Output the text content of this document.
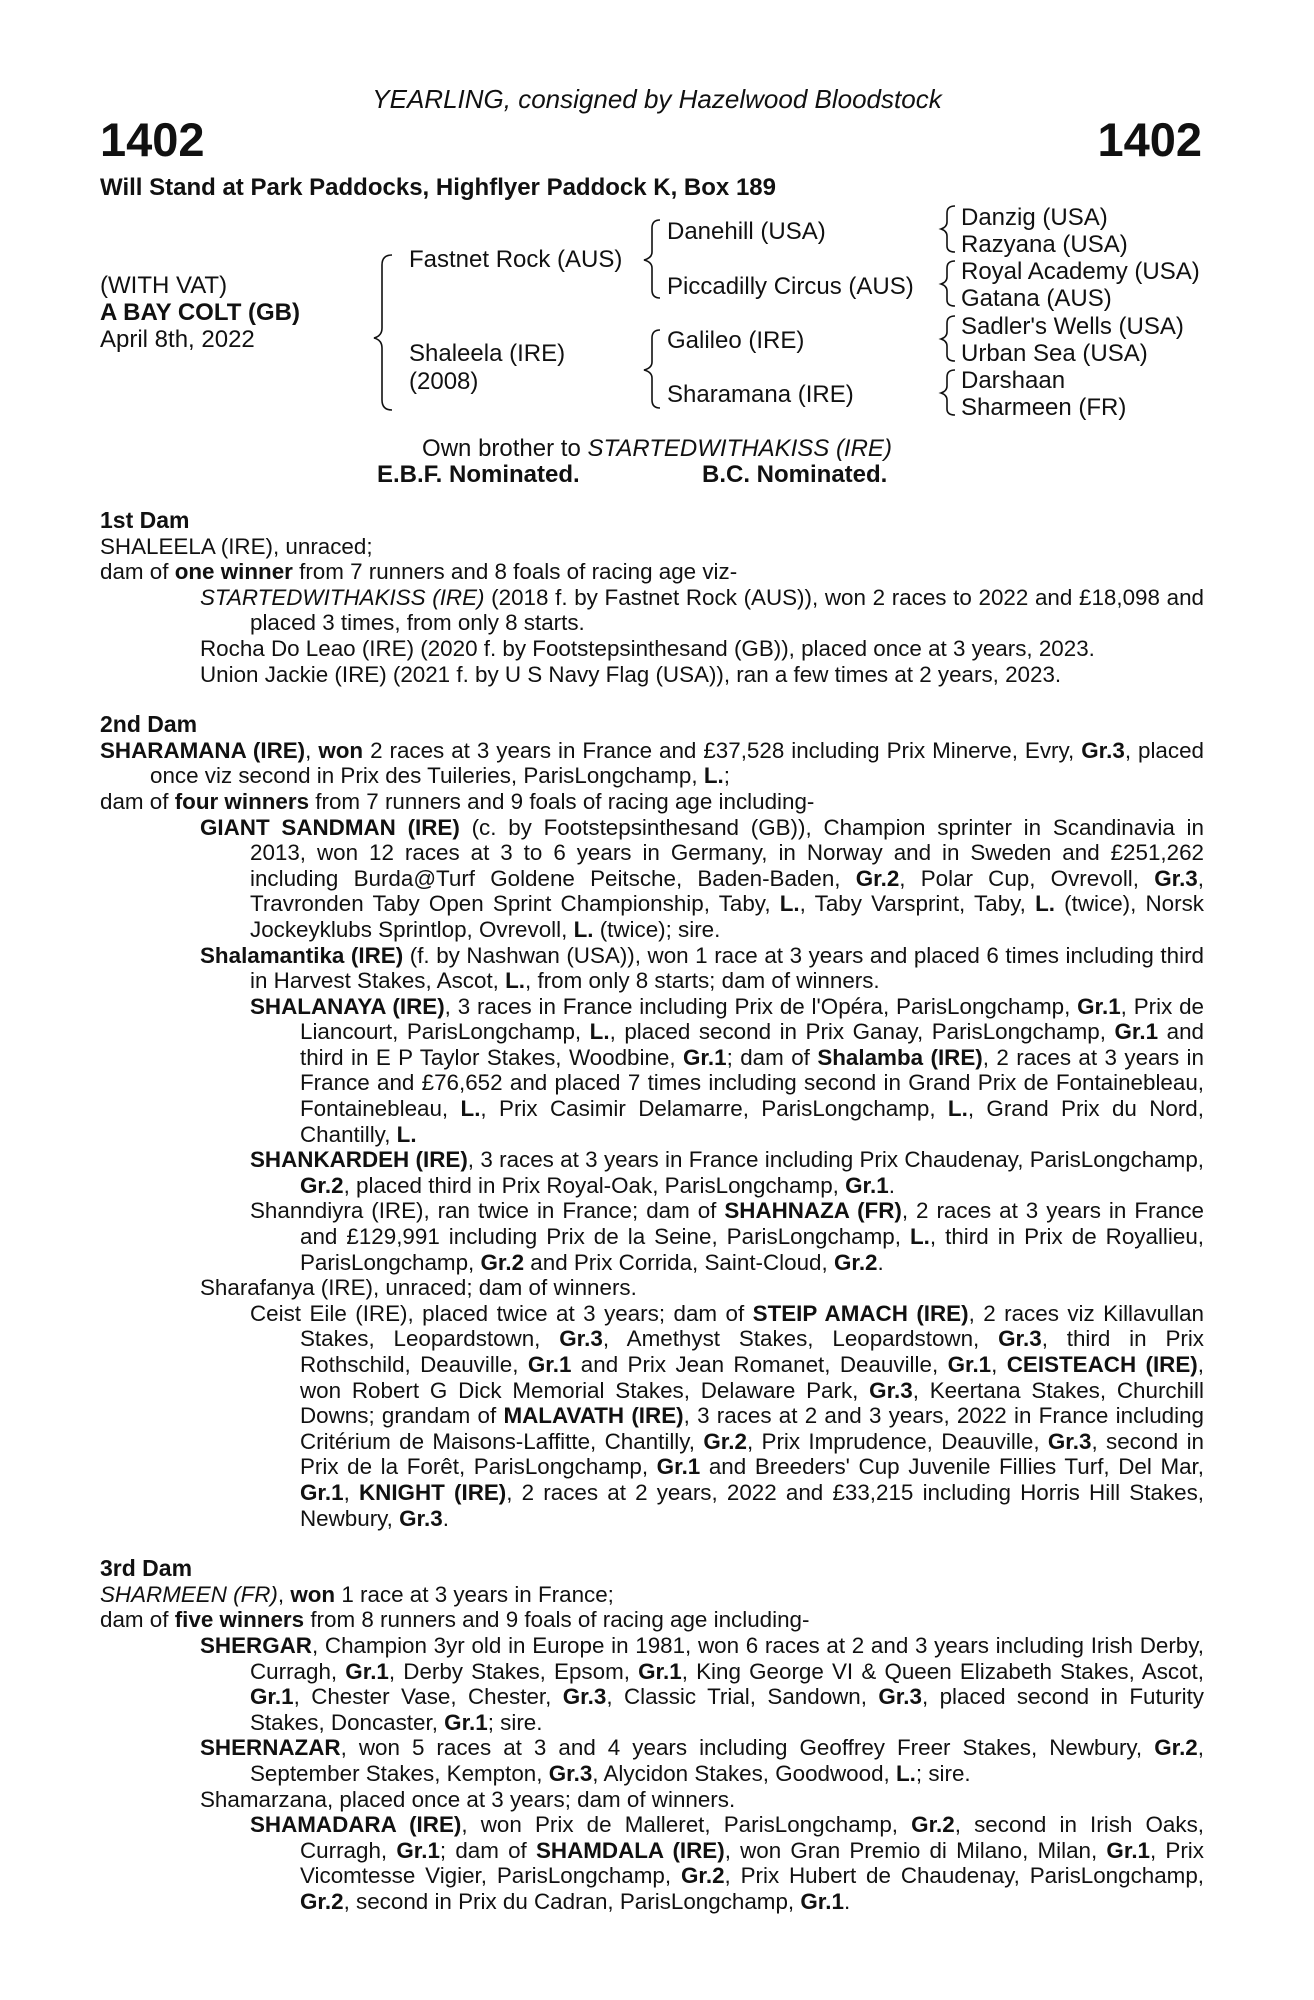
YEARLING, consigned by Hazelwood Bloodstock
1402	1402
Will Stand at Park Paddocks, Highflyer Paddock K, Box 189
(WITH VAT)
A BAY COLT (GB)
April 8th, 2022
Fastnet Rock (AUS)
Shaleela (IRE)
(2008)
Danehill (USA)
Piccadilly Circus (AUS)
Galileo (IRE)
Sharamana (IRE)
Danzig (USA)
Razyana (USA)
Royal Academy (USA)
Gatana (AUS)
Sadler's Wells (USA)
Urban Sea (USA)
Darshaan
Sharmeen (FR)
Own brother to STARTEDWITHAKISS (IRE)
E.B.F. Nominated.	B.C. Nominated.

1st Dam

SHALEELA (IRE), unraced;

dam of one winner from 7 runners and 8 foals of racing age viz-

STARTEDWITHAKISS (IRE) (2018 f. by Fastnet Rock (AUS)), won 2 races to 2022 and £18,098 and placed 3 times, from only 8 starts.

Rocha Do Leao (IRE) (2020 f. by Footstepsinthesand (GB)), placed once at 3 years, 2023.

Union Jackie (IRE) (2021 f. by U S Navy Flag (USA)), ran a few times at 2 years, 2023.

2nd Dam

SHARAMANA (IRE), won 2 races at 3 years in France and £37,528 including Prix Minerve, Evry, Gr.3, placed once viz second in Prix des Tuileries, ParisLongchamp, L.;

dam of four winners from 7 runners and 9 foals of racing age including-

GIANT SANDMAN (IRE) (c. by Footstepsinthesand (GB)), Champion sprinter in Scandinavia in 2013, won 12 races at 3 to 6 years in Germany, in Norway and in Sweden and £251,262 including Burda@Turf Goldene Peitsche, Baden-Baden, Gr.2, Polar Cup, Ovrevoll, Gr.3, Travronden Taby Open Sprint Championship, Taby, L., Taby Varsprint, Taby, L. (twice), Norsk Jockeyklubs Sprintlop, Ovrevoll, L. (twice); sire.

Shalamantika (IRE) (f. by Nashwan (USA)), won 1 race at 3 years and placed 6 times including third in Harvest Stakes, Ascot, L., from only 8 starts; dam of winners.

SHALANAYA (IRE), 3 races in France including Prix de l'Opéra, ParisLongchamp, Gr.1, Prix de Liancourt, ParisLongchamp, L., placed second in Prix Ganay, ParisLongchamp, Gr.1 and third in E P Taylor Stakes, Woodbine, Gr.1; dam of Shalamba (IRE), 2 races at 3 years in France and £76,652 and placed 7 times including second in Grand Prix de Fontainebleau, Fontainebleau, L., Prix Casimir Delamarre, ParisLongchamp, L., Grand Prix du Nord, Chantilly, L.

SHANKARDEH (IRE), 3 races at 3 years in France including Prix Chaudenay, ParisLongchamp, Gr.2, placed third in Prix Royal-Oak, ParisLongchamp, Gr.1.

Shanndiyra (IRE), ran twice in France; dam of SHAHNAZA (FR), 2 races at 3 years in France and £129,991 including Prix de la Seine, ParisLongchamp, L., third in Prix de Royallieu, ParisLongchamp, Gr.2 and Prix Corrida, Saint-Cloud, Gr.2.

Sharafanya (IRE), unraced; dam of winners.

Ceist Eile (IRE), placed twice at 3 years; dam of STEIP AMACH (IRE), 2 races viz Killavullan Stakes, Leopardstown, Gr.3, Amethyst Stakes, Leopardstown, Gr.3, third in Prix Rothschild, Deauville, Gr.1 and Prix Jean Romanet, Deauville, Gr.1, CEISTEACH (IRE), won Robert G Dick Memorial Stakes, Delaware Park, Gr.3, Keertana Stakes, Churchill Downs; grandam of MALAVATH (IRE), 3 races at 2 and 3 years, 2022 in France including Critérium de Maisons-Laffitte, Chantilly, Gr.2, Prix Imprudence, Deauville, Gr.3, second in Prix de la Forêt, ParisLongchamp, Gr.1 and Breeders' Cup Juvenile Fillies Turf, Del Mar, Gr.1, KNIGHT (IRE), 2 races at 2 years, 2022 and £33,215 including Horris Hill Stakes, Newbury, Gr.3.

3rd Dam

SHARMEEN (FR), won 1 race at 3 years in France;

dam of five winners from 8 runners and 9 foals of racing age including-

SHERGAR, Champion 3yr old in Europe in 1981, won 6 races at 2 and 3 years including Irish Derby, Curragh, Gr.1, Derby Stakes, Epsom, Gr.1, King George VI & Queen Elizabeth Stakes, Ascot, Gr.1, Chester Vase, Chester, Gr.3, Classic Trial, Sandown, Gr.3, placed second in Futurity Stakes, Doncaster, Gr.1; sire.

SHERNAZAR, won 5 races at 3 and 4 years including Geoffrey Freer Stakes, Newbury, Gr.2, September Stakes, Kempton, Gr.3, Alycidon Stakes, Goodwood, L.; sire.

Shamarzana, placed once at 3 years; dam of winners.

SHAMADARA (IRE), won Prix de Malleret, ParisLongchamp, Gr.2, second in Irish Oaks, Curragh, Gr.1; dam of SHAMDALA (IRE), won Gran Premio di Milano, Milan, Gr.1, Prix Vicomtesse Vigier, ParisLongchamp, Gr.2, Prix Hubert de Chaudenay, ParisLongchamp, Gr.2, second in Prix du Cadran, ParisLongchamp, Gr.1.
